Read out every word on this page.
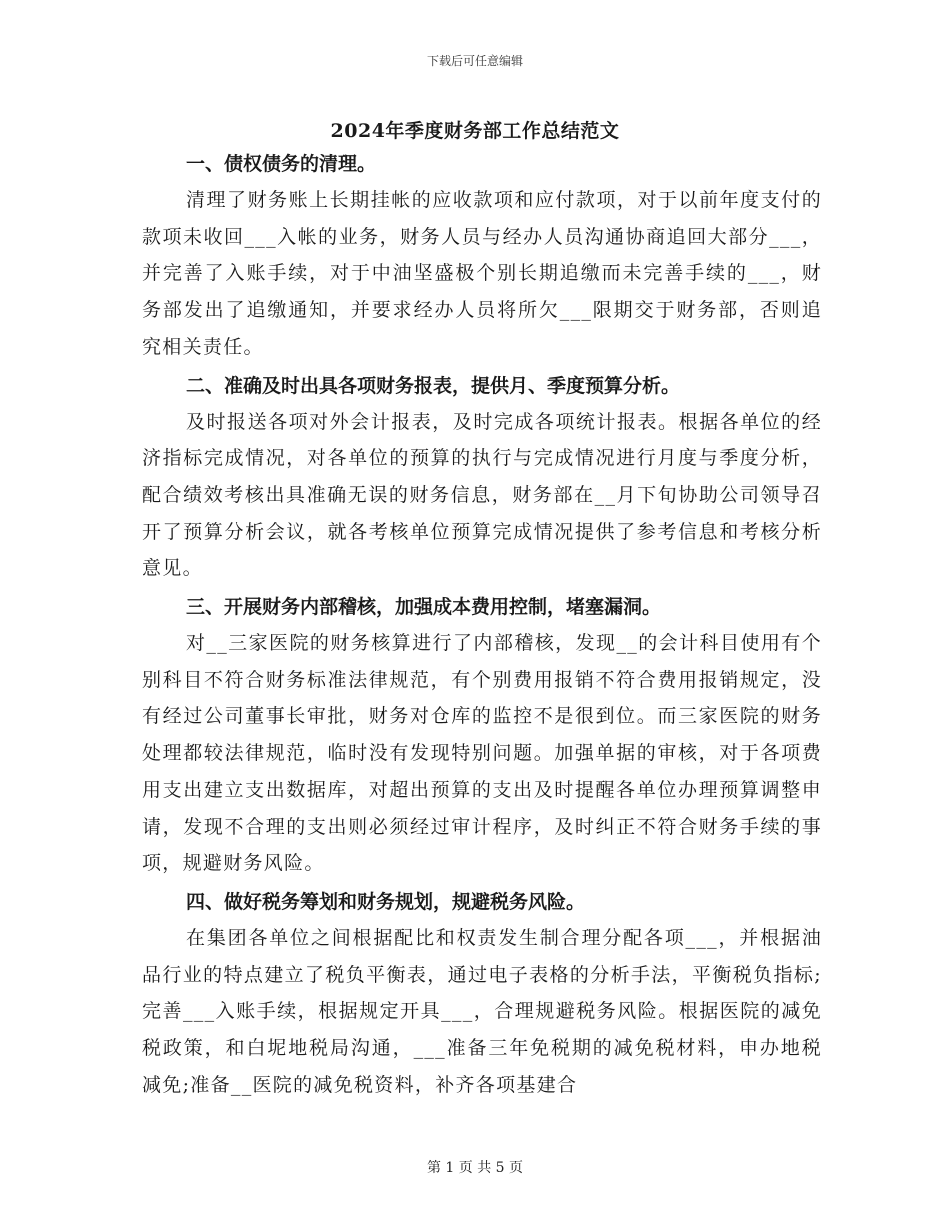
下载后可任意编辑
2024年季度财务部工作总结范文
一、债权债务的清理。

清理了财务账上长期挂帐的应收款项和应付款项，对于以前年度支付的款项未收回___入帐的业务，财务人员与经办人员沟通协商追回大部分___，并完善了入账手续，对于中油坚盛极个别长期追缴而未完善手续的___，财务部发出了追缴通知，并要求经办人员将所欠___限期交于财务部，否则追究相关责任。

二、准确及时出具各项财务报表，提供月、季度预算分析。

及时报送各项对外会计报表，及时完成各项统计报表。根据各单位的经济指标完成情况，对各单位的预算的执行与完成情况进行月度与季度分析，配合绩效考核出具准确无误的财务信息，财务部在__月下旬协助公司领导召开了预算分析会议，就各考核单位预算完成情况提供了参考信息和考核分析意见。

三、开展财务内部稽核，加强成本费用控制，堵塞漏洞。

对__三家医院的财务核算进行了内部稽核，发现__的会计科目使用有个别科目不符合财务标准法律规范，有个别费用报销不符合费用报销规定，没有经过公司董事长审批，财务对仓库的监控不是很到位。而三家医院的财务处理都较法律规范，临时没有发现特别问题。加强单据的审核，对于各项费用支出建立支出数据库，对超出预算的支出及时提醒各单位办理预算调整申请，发现不合理的支出则必须经过审计程序，及时纠正不符合财务手续的事项，规避财务风险。

四、做好税务筹划和财务规划，规避税务风险。

在集团各单位之间根据配比和权责发生制合理分配各项___，并根据油品行业的特点建立了税负平衡表，通过电子表格的分析手法，平衡税负指标;完善___入账手续，根据规定开具___，合理规避税务风险。根据医院的减免税政策，和白坭地税局沟通，___准备三年免税期的减免税材料，申办地税减免;准备__医院的减免税资料，补齐各项基建合

第 1 页 共 5 页
